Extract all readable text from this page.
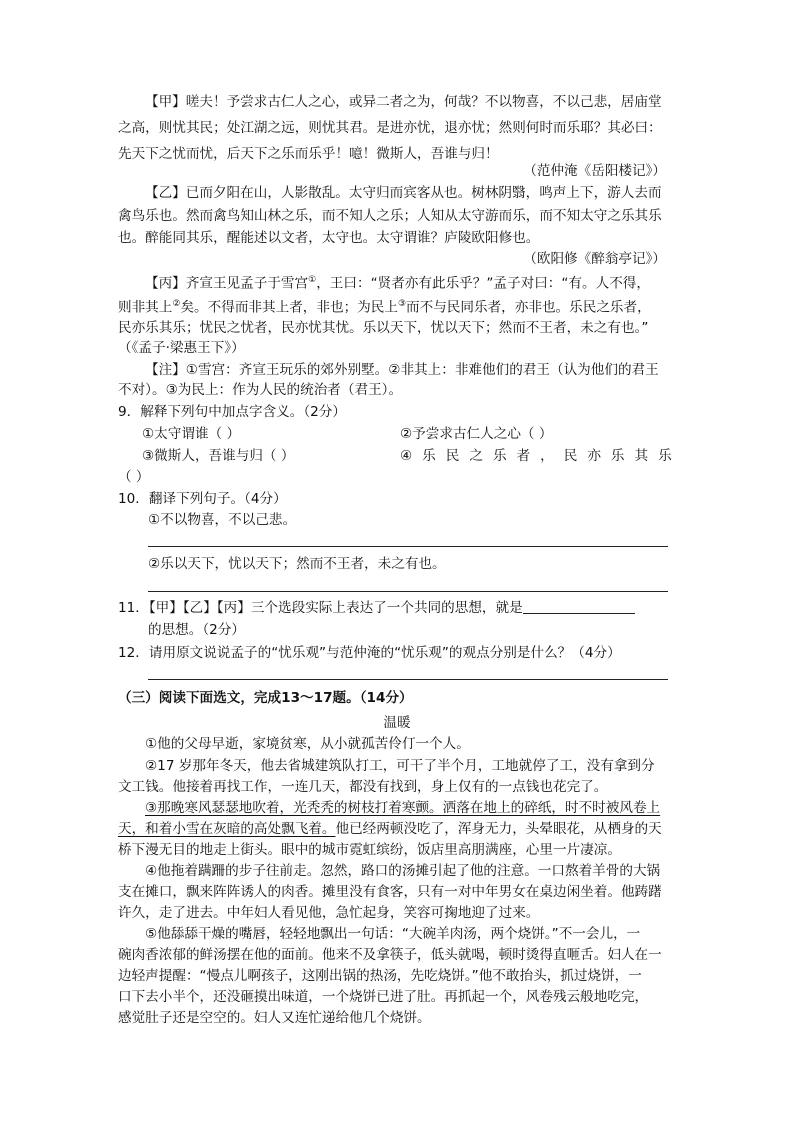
【甲】嗟夫！予尝求古仁人之心，或异二者之为，何哉？不以物喜，不以己悲，居庙堂
之高，则忧其民；处江湖之远，则忧其君。是进亦忧，退亦忧；然则何时而乐耶？其必曰：
先天下之忧而忧，后天下之乐而乐乎！噫！微斯人，吾谁与归！
（范仲淹《岳阳楼记》）
【乙】已而夕阳在山，人影散乱。太守归而宾客从也。树林阴翳，鸣声上下，游人去而
禽鸟乐也。然而禽鸟知山林之乐，而不知人之乐；人知从太守游而乐，而不知太守之乐其乐
也。醉能同其乐，醒能述以文者，太守也。太守谓谁？庐陵欧阳修也。
（欧阳修《醉翁亭记》）
【丙】齐宣王见孟子于雪宫①，王曰：“贤者亦有此乐乎？”孟子对曰：“有。人不得，
则非其上②矣。不得而非其上者，非也；为民上③而不与民同乐者，亦非也。乐民之乐者，
民亦乐其乐；忧民之忧者，民亦忧其忧。乐以天下，忧以天下；然而不王者，未之有也。”
（《孟子·梁惠王下》）
【注】①雪宫：齐宣王玩乐的郊外别墅。②非其上：非难他们的君王（认为他们的君王
不对）。③为民上：作为人民的统治者（君王）。
9．解释下列句中加点字含义。（2分）
①太守谓谁（ ）	②予尝求古仁人之心（ ）
③微斯人，吾谁与归（ ）	④乐民之乐者，民亦乐其乐
（ ）
10．翻译下列句子。（4分）
①不以物喜，不以己悲。
②乐以天下，忧以天下；然而不王者，未之有也。
11．【甲】【乙】【丙】三个选段实际上表达了一个共同的思想，就是
的思想。（2分）
12．请用原文说说孟子的“忧乐观”与范仲淹的“忧乐观”的观点分别是什么？（4分）
（三）阅读下面选文，完成13～17题。（14分）
温暖
①他的父母早逝，家境贫寒，从小就孤苦伶仃一个人。
②17 岁那年冬天，他去省城建筑队打工，可干了半个月，工地就停了工，没有拿到分
文工钱。他接着再找工作，一连几天，都没有找到，身上仅有的一点钱也花完了。
③那晚寒风瑟瑟地吹着，光秃秃的树枝打着寒颤。洒落在地上的碎纸，时不时被风卷上
天，和着小雪在灰暗的高处飘飞着。他已经两顿没吃了，浑身无力，头晕眼花，从栖身的天
桥下漫无目的地走上街头。眼中的城市霓虹缤纷，饭店里高朋满座，心里一片凄凉。
④他拖着蹒跚的步子往前走。忽然，路口的汤摊引起了他的注意。一口熬着羊骨的大锅
支在摊口，飘来阵阵诱人的肉香。摊里没有食客，只有一对中年男女在桌边闲坐着。他踌躇
许久，走了进去。中年妇人看见他，急忙起身，笑容可掬地迎了过来。
⑤他舔舔干燥的嘴唇，轻轻地飘出一句话：“大碗羊肉汤，两个烧饼。”不一会儿，一
碗肉香浓郁的鲜汤摆在他的面前。他来不及拿筷子，低头就喝，顿时烫得直咂舌。妇人在一
边轻声提醒：“慢点儿啊孩子，这刚出锅的热汤，先吃烧饼。”他不敢抬头，抓过烧饼，一
口下去小半个，还没砸摸出味道，一个烧饼已进了肚。再抓起一个，风卷残云般地吃完，
感觉肚子还是空空的。妇人又连忙递给他几个烧饼。
